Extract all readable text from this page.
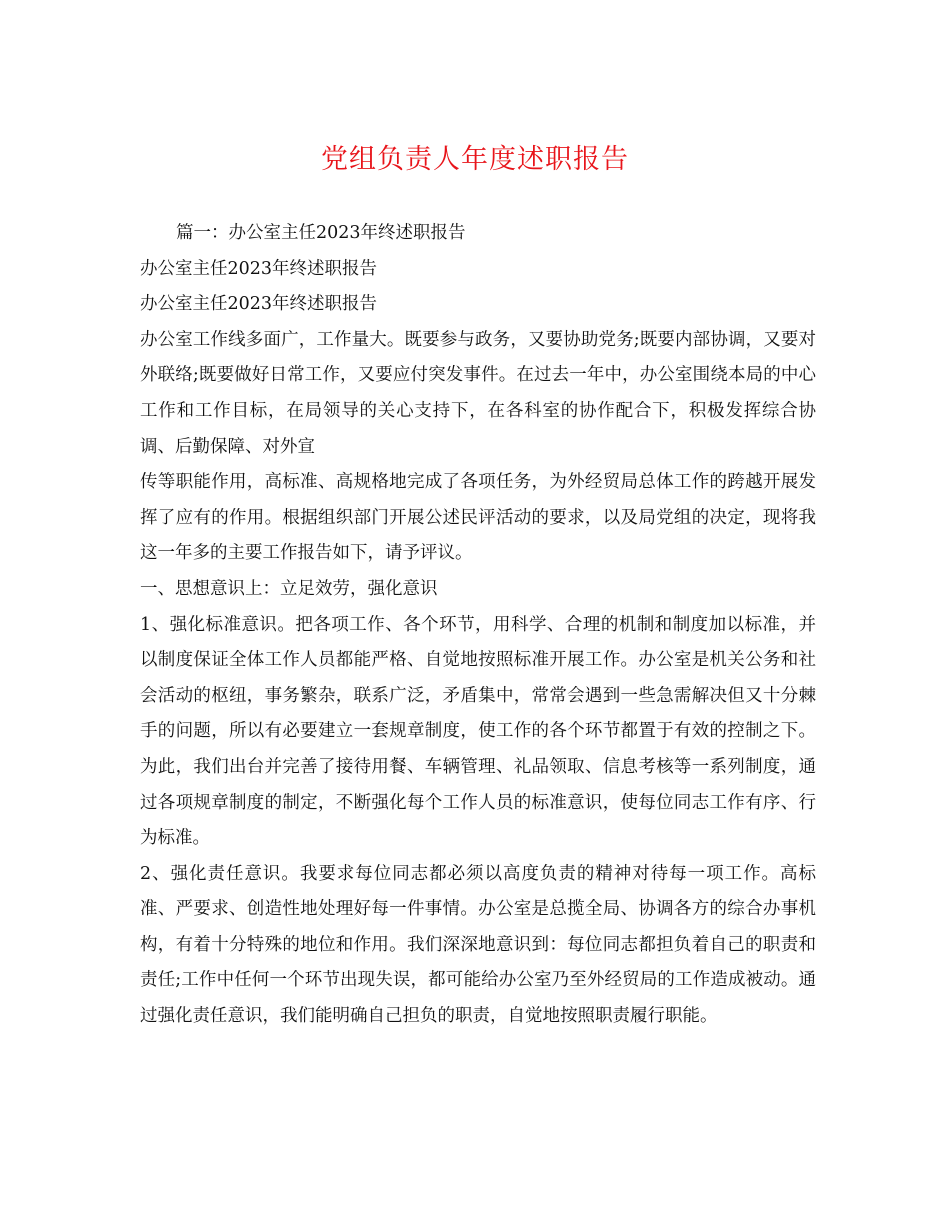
党组负责人年度述职报告

篇一：办公室主任2023年终述职报告

办公室主任2023年终述职报告

办公室主任2023年终述职报告

办公室工作线多面广，工作量大。既要参与政务，又要协助党务;既要内部协调，又要对外联络;既要做好日常工作，又要应付突发事件。在过去一年中，办公室围绕本局的中心工作和工作目标，在局领导的关心支持下，在各科室的协作配合下，积极发挥综合协调、后勤保障、对外宣

传等职能作用，高标准、高规格地完成了各项任务，为外经贸局总体工作的跨越开展发挥了应有的作用。根据组织部门开展公述民评活动的要求，以及局党组的决定，现将我这一年多的主要工作报告如下，请予评议。

一、思想意识上：立足效劳，强化意识

1、强化标准意识。把各项工作、各个环节，用科学、合理的机制和制度加以标准，并以制度保证全体工作人员都能严格、自觉地按照标准开展工作。办公室是机关公务和社会活动的枢纽，事务繁杂，联系广泛，矛盾集中，常常会遇到一些急需解决但又十分棘手的问题，所以有必要建立一套规章制度，使工作的各个环节都置于有效的控制之下。为此，我们出台并完善了接待用餐、车辆管理、礼品领取、信息考核等一系列制度，通过各项规章制度的制定，不断强化每个工作人员的标准意识，使每位同志工作有序、行为标准。

2、强化责任意识。我要求每位同志都必须以高度负责的精神对待每一项工作。高标准、严要求、创造性地处理好每一件事情。办公室是总揽全局、协调各方的综合办事机构，有着十分特殊的地位和作用。我们深深地意识到：每位同志都担负着自己的职责和责任;工作中任何一个环节出现失误，都可能给办公室乃至外经贸局的工作造成被动。通过强化责任意识，我们能明确自己担负的职责，自觉地按照职责履行职能。
